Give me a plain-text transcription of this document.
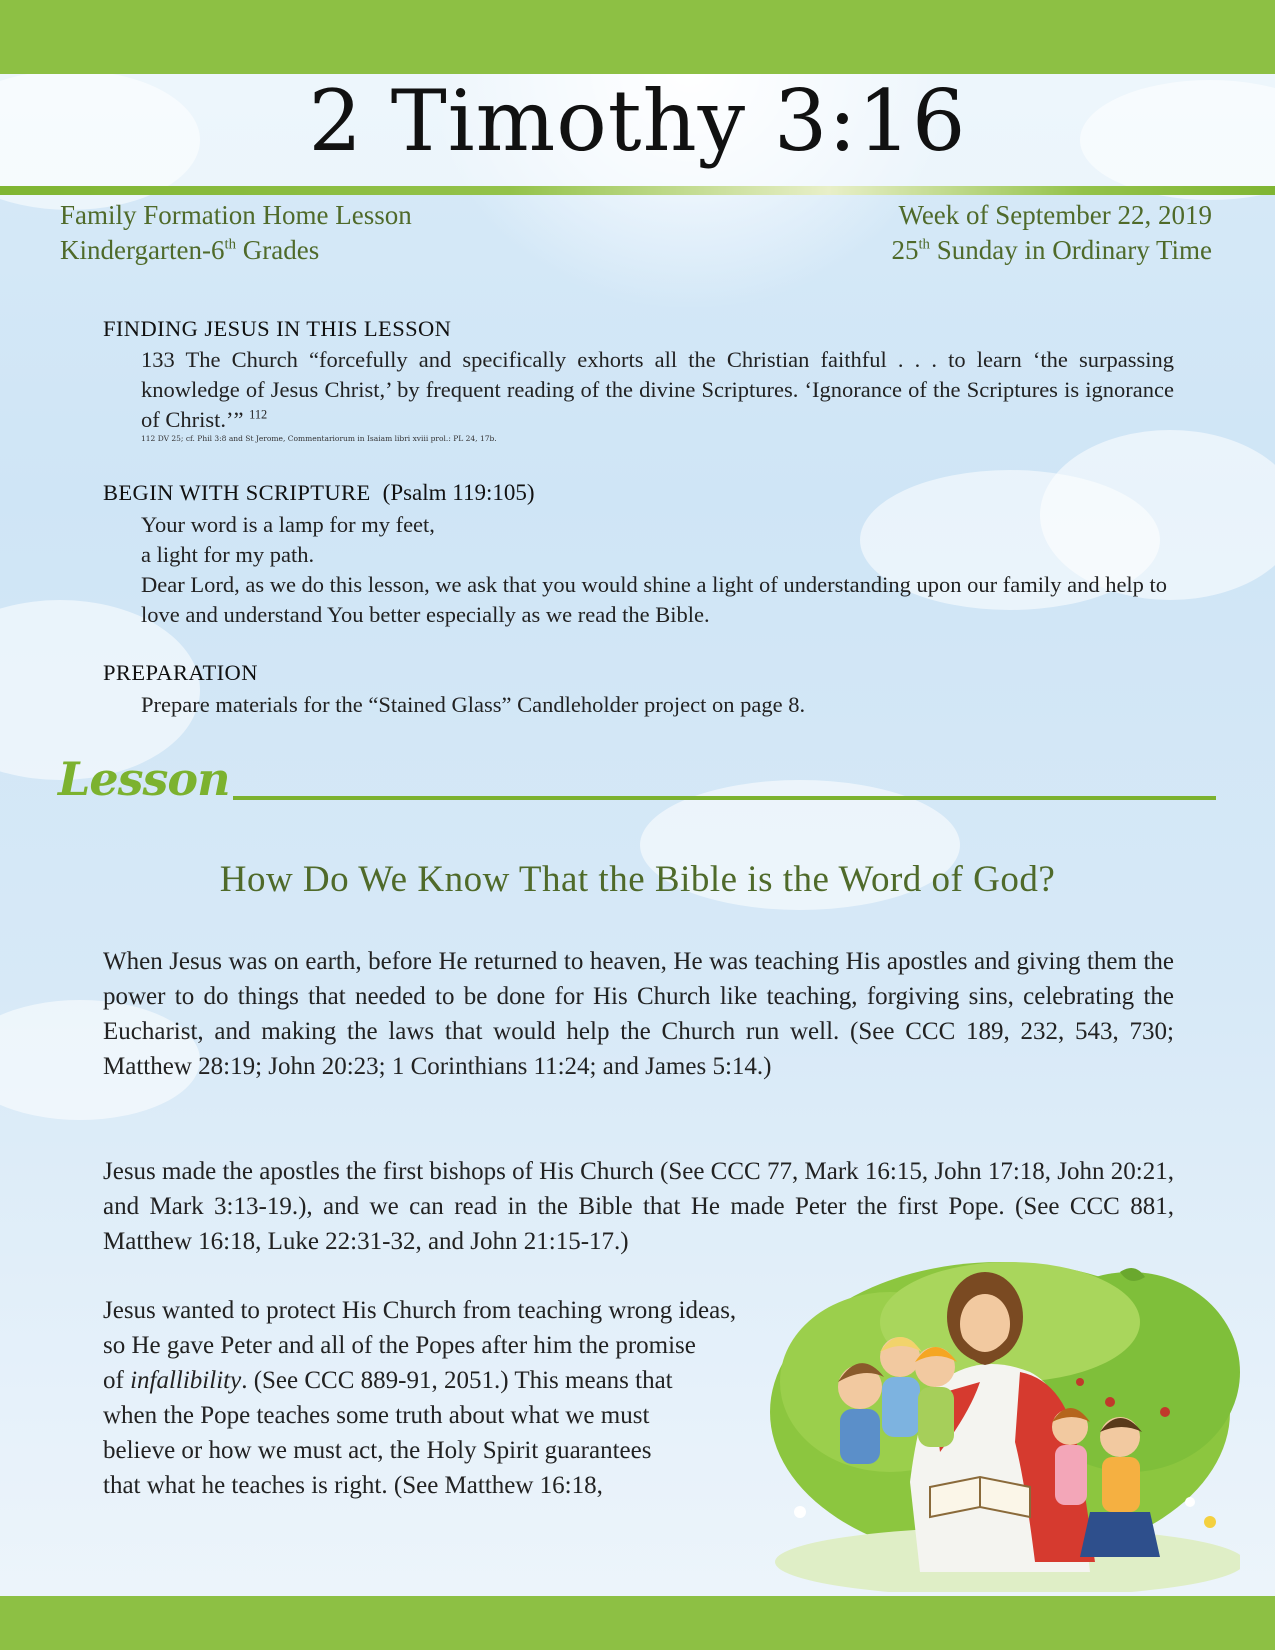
2 Timothy 3:16
Family Formation Home Lesson
Kindergarten-6th Grades
Week of September 22, 2019
25th Sunday in Ordinary Time
FINDING JESUS IN THIS LESSON
133 The Church “forcefully and specifically exhorts all the Christian faithful . . . to learn ‘the surpassing knowledge of Jesus Christ,’ by frequent reading of the divine Scriptures. ‘Ignorance of the Scriptures is ignorance of Christ.’” $^{112}$
112 DV 25; cf. Phil 3:8 and St Jerome, Commentariorum in Isaiam libri xviii prol.: PL 24, 17b.
BEGIN WITH SCRIPTURE (Psalm 119:105)
Your word is a lamp for my feet,
a light for my path.
Dear Lord, as we do this lesson, we ask that you would shine a light of understanding upon our family and help to love and understand You better especially as we read the Bible.
PREPARATION
Prepare materials for the “Stained Glass” Candleholder project on page 8.
Lesson
How Do We Know That the Bible is the Word of God?
When Jesus was on earth, before He returned to heaven, He was teaching His apostles and giving them the power to do things that needed to be done for His Church like teaching, forgiving sins, celebrating the Eucharist, and making the laws that would help the Church run well. (See CCC 189, 232, 543, 730; Matthew 28:19; John 20:23; 1 Corinthians 11:24; and James 5:14.)
Jesus made the apostles the first bishops of His Church (See CCC 77, Mark 16:15, John 17:18, John 20:21, and Mark 3:13-19.), and we can read in the Bible that He made Peter the first Pope. (See CCC 881, Matthew 16:18, Luke 22:31-32, and John 21:15-17.)
Jesus wanted to protect His Church from teaching wrong ideas,
so He gave Peter and all of the Popes after him the promise
of infallibility. (See CCC 889-91, 2051.) This means that
when the Pope teaches some truth about what we must
believe or how we must act, the Holy Spirit guarantees
that what he teaches is right. (See Matthew 16:18,
